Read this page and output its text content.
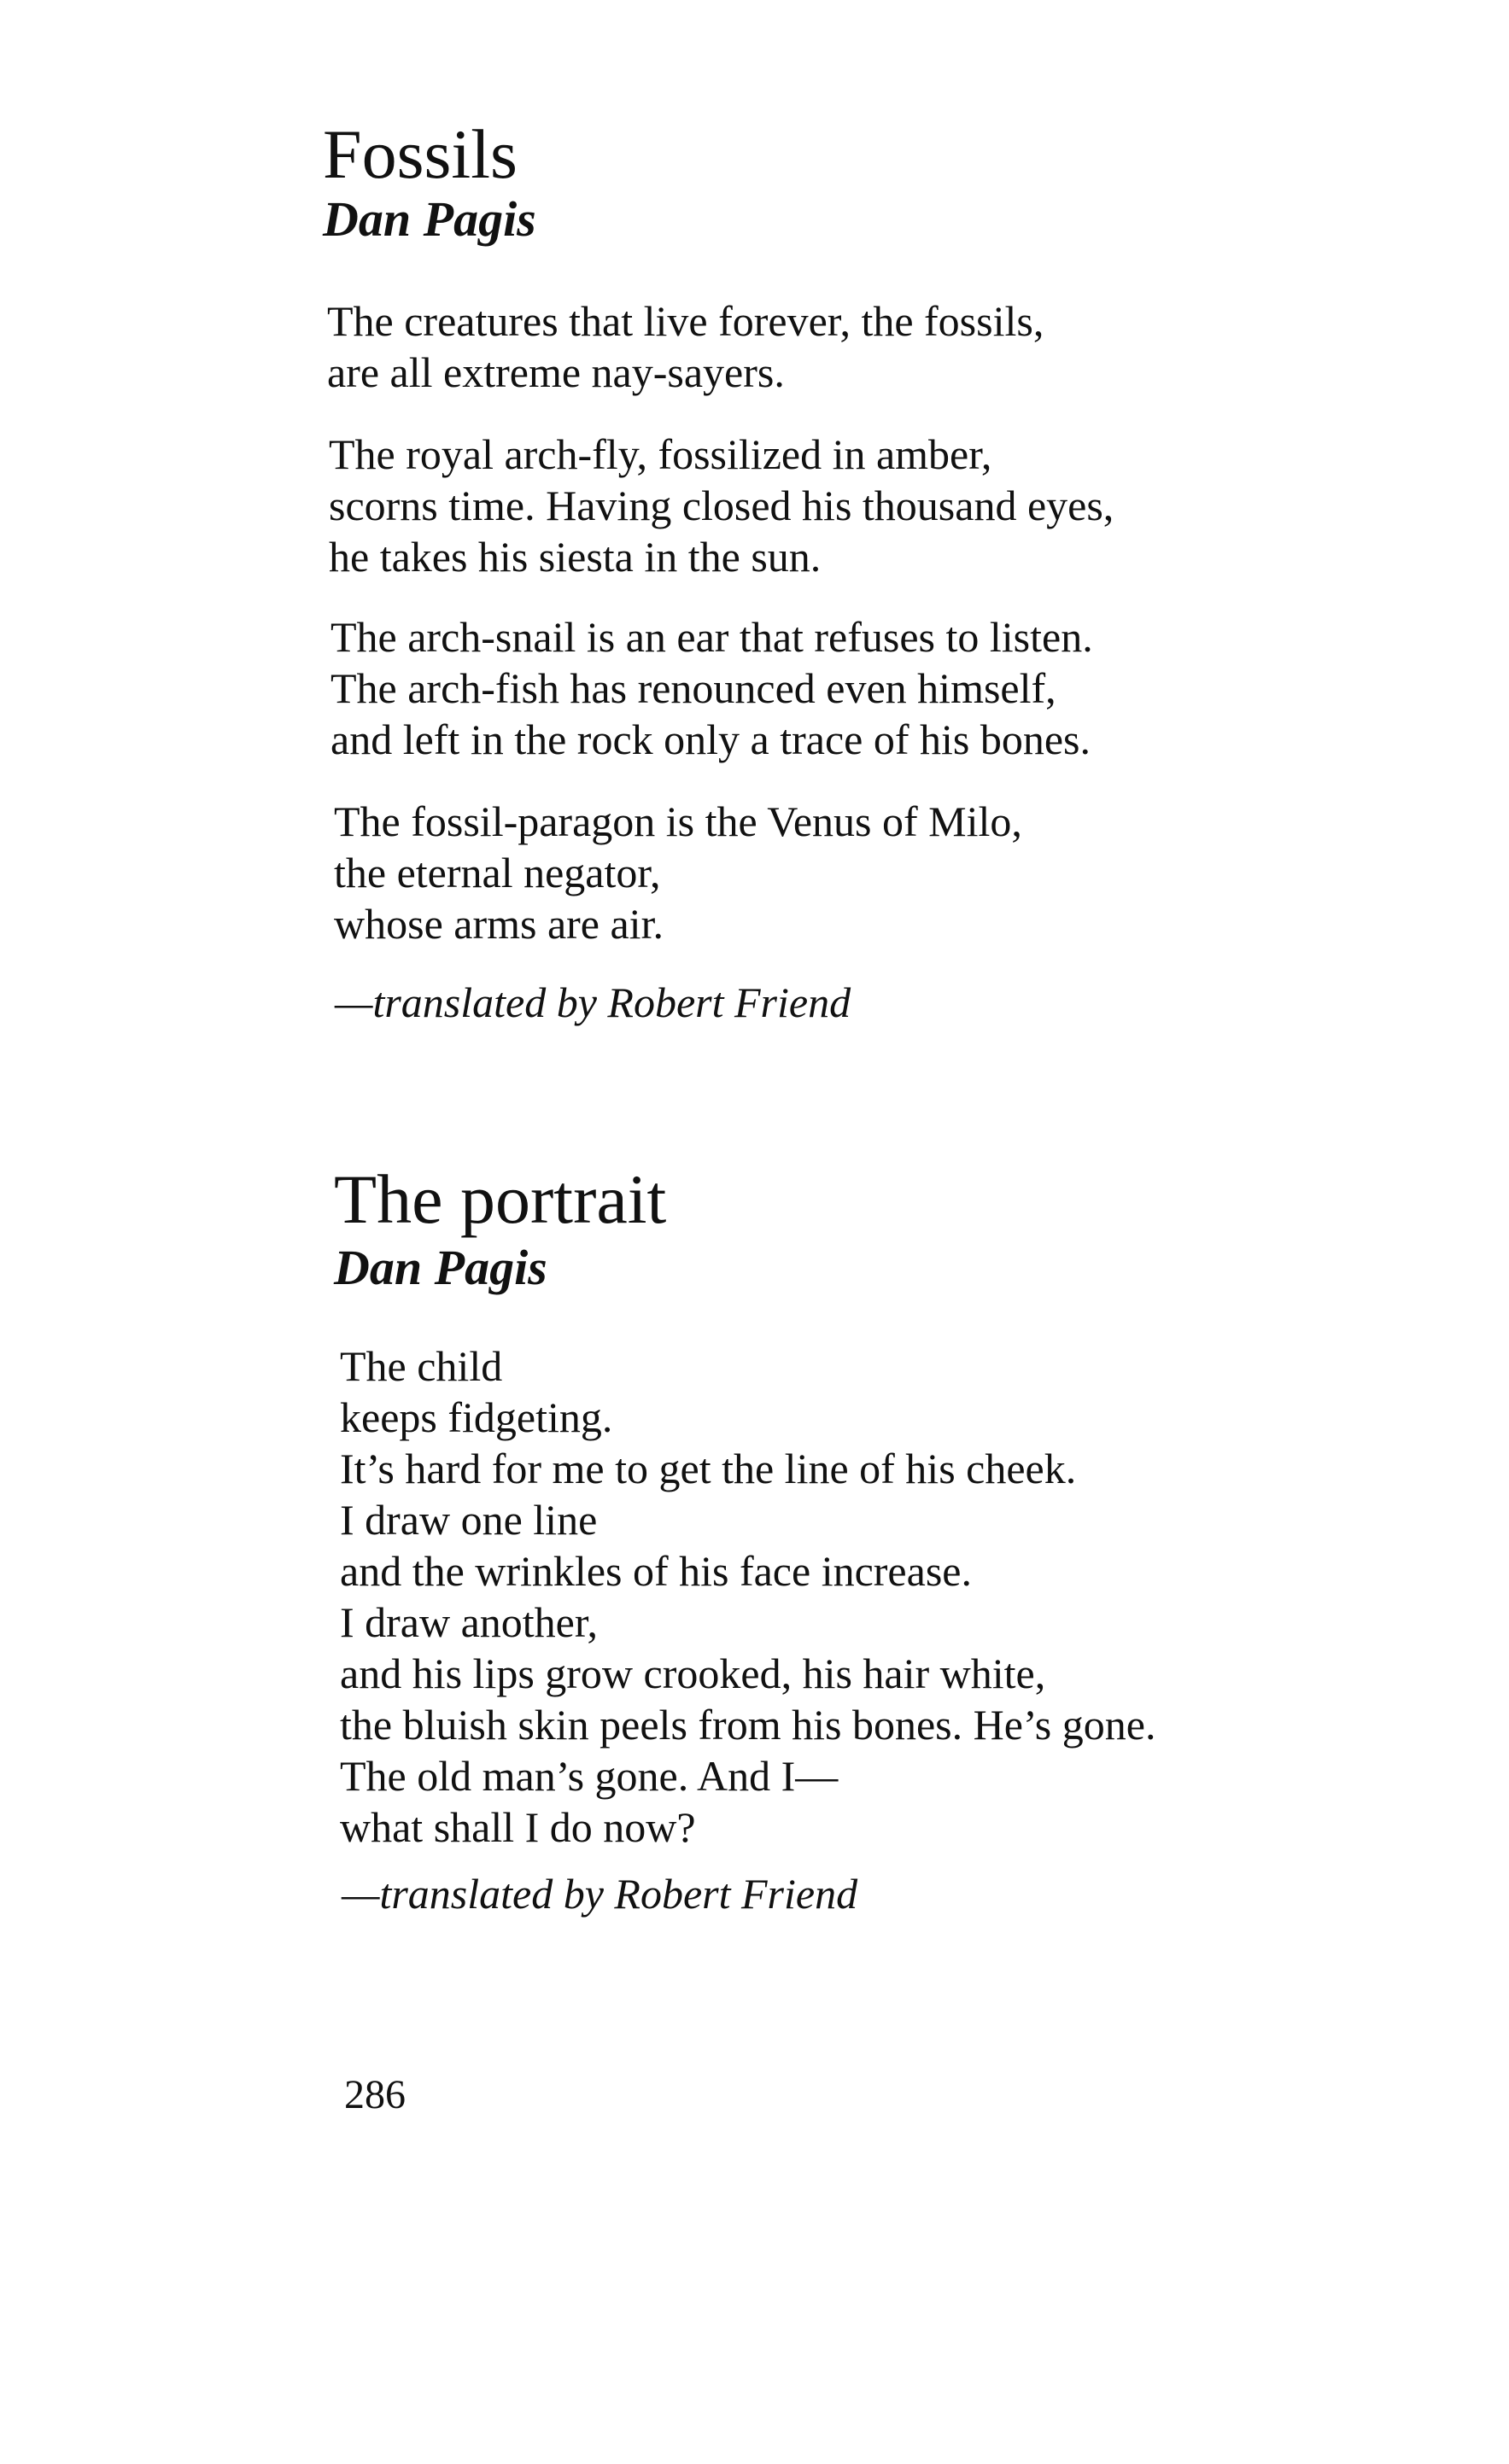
Fossils
Dan Pagis
The creatures that live forever, the fossils,
are all extreme nay-sayers.
The royal arch-fly, fossilized in amber,
scorns time. Having closed his thousand eyes,
he takes his siesta in the sun.
The arch-snail is an ear that refuses to listen.
The arch-fish has renounced even himself,
and left in the rock only a trace of his bones.
The fossil-paragon is the Venus of Milo,
the eternal negator,
whose arms are air.

—translated by Robert Friend

The portrait
Dan Pagis
The child
keeps fidgeting.
It’s hard for me to get the line of his cheek.
I draw one line
and the wrinkles of his face increase.
I draw another,
and his lips grow crooked, his hair white,
the bluish skin peels from his bones. He’s gone.
The old man’s gone. And I—
what shall I do now?

—translated by Robert Friend

286
